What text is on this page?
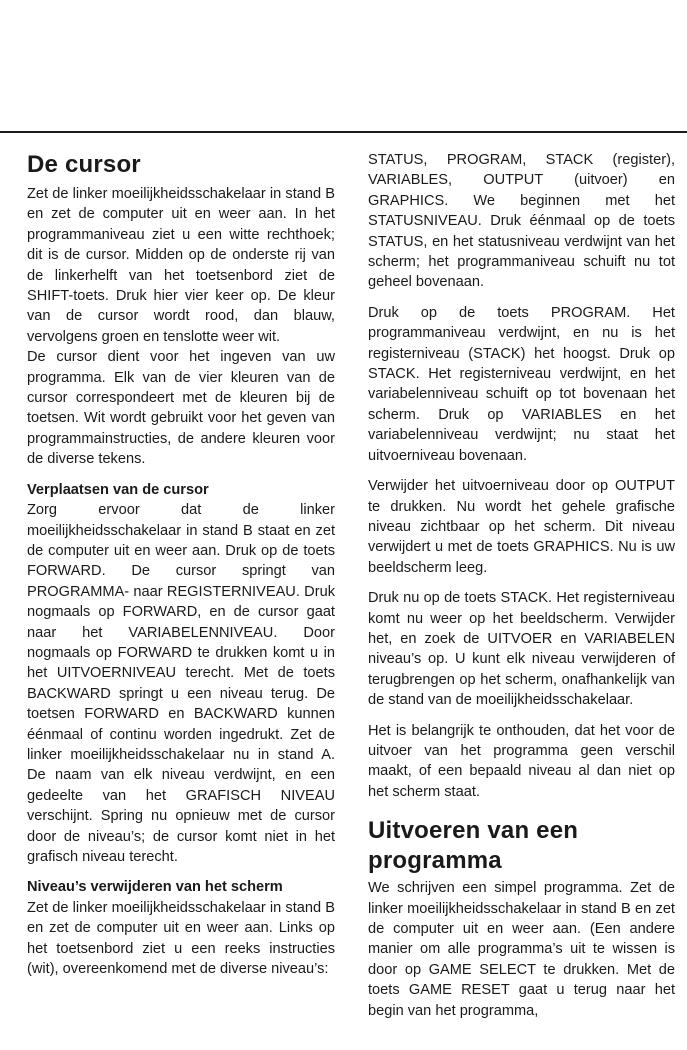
De cursor

Zet de linker moeilijkheidsschakelaar in stand B en zet de computer uit en weer aan. In het programmaniveau ziet u een witte rechthoek; dit is de cursor. Midden op de onderste rij van de linkerhelft van het toetsenbord ziet de SHIFT-toets. Druk hier vier keer op. De kleur van de cursor wordt rood, dan blauw, vervolgens groen en tenslotte weer wit.

De cursor dient voor het ingeven van uw programma. Elk van de vier kleuren van de cursor correspondeert met de kleuren bij de toetsen. Wit wordt gebruikt voor het geven van programmainstructies, de andere kleuren voor de diverse tekens.

Verplaatsen van de cursor

Zorg ervoor dat de linker moeilijkheidsschakelaar in stand B staat en zet de computer uit en weer aan. Druk op de toets FORWARD. De cursor springt van PROGRAMMA- naar REGISTERNIVEAU. Druk nogmaals op FORWARD, en de cursor gaat naar het VARIABELENNIVEAU. Door nogmaals op FORWARD te drukken komt u in het UITVOERNIVEAU terecht. Met de toets BACKWARD springt u een niveau terug. De toetsen FORWARD en BACKWARD kunnen éénmaal of continu worden ingedrukt. Zet de linker moeilijkheidsschakelaar nu in stand A. De naam van elk niveau verdwijnt, en een gedeelte van het GRAFISCH NIVEAU verschijnt. Spring nu opnieuw met de cursor door de niveau’s; de cursor komt niet in het grafisch niveau terecht.

Niveau’s verwijderen van het scherm

Zet de linker moeilijkheidsschakelaar in stand B en zet de computer uit en weer aan. Links op het toetsenbord ziet u een reeks instructies (wit), overeenkomend met de diverse niveau’s:

STATUS, PROGRAM, STACK (register), VARIABLES, OUTPUT (uitvoer) en GRAPHICS. We beginnen met het STATUSNIVEAU. Druk éénmaal op de toets STATUS, en het statusniveau verdwijnt van het scherm; het programmaniveau schuift nu tot geheel bovenaan.

Druk op de toets PROGRAM. Het programmaniveau verdwijnt, en nu is het registerniveau (STACK) het hoogst. Druk op STACK. Het registerniveau verdwijnt, en het variabelenniveau schuift op tot bovenaan het scherm. Druk op VARIABLES en het variabelenniveau verdwijnt; nu staat het uitvoerniveau bovenaan.

Verwijder het uitvoerniveau door op OUTPUT te drukken. Nu wordt het gehele grafische niveau zichtbaar op het scherm. Dit niveau verwijdert u met de toets GRAPHICS. Nu is uw beeldscherm leeg.

Druk nu op de toets STACK. Het registerniveau komt nu weer op het beeldscherm. Verwijder het, en zoek de UITVOER en VARIABELEN niveau’s op. U kunt elk niveau verwijderen of terugbrengen op het scherm, onafhankelijk van de stand van de moeilijkheidsschakelaar.

Het is belangrijk te onthouden, dat het voor de uitvoer van het programma geen verschil maakt, of een bepaald niveau al dan niet op het scherm staat.

Uitvoeren van een programma

We schrijven een simpel programma. Zet de linker moeilijkheidsschakelaar in stand B en zet de computer uit en weer aan. (Een andere manier om alle programma’s uit te wissen is door op GAME SELECT te drukken. Met de toets GAME RESET gaat u terug naar het begin van het programma,
